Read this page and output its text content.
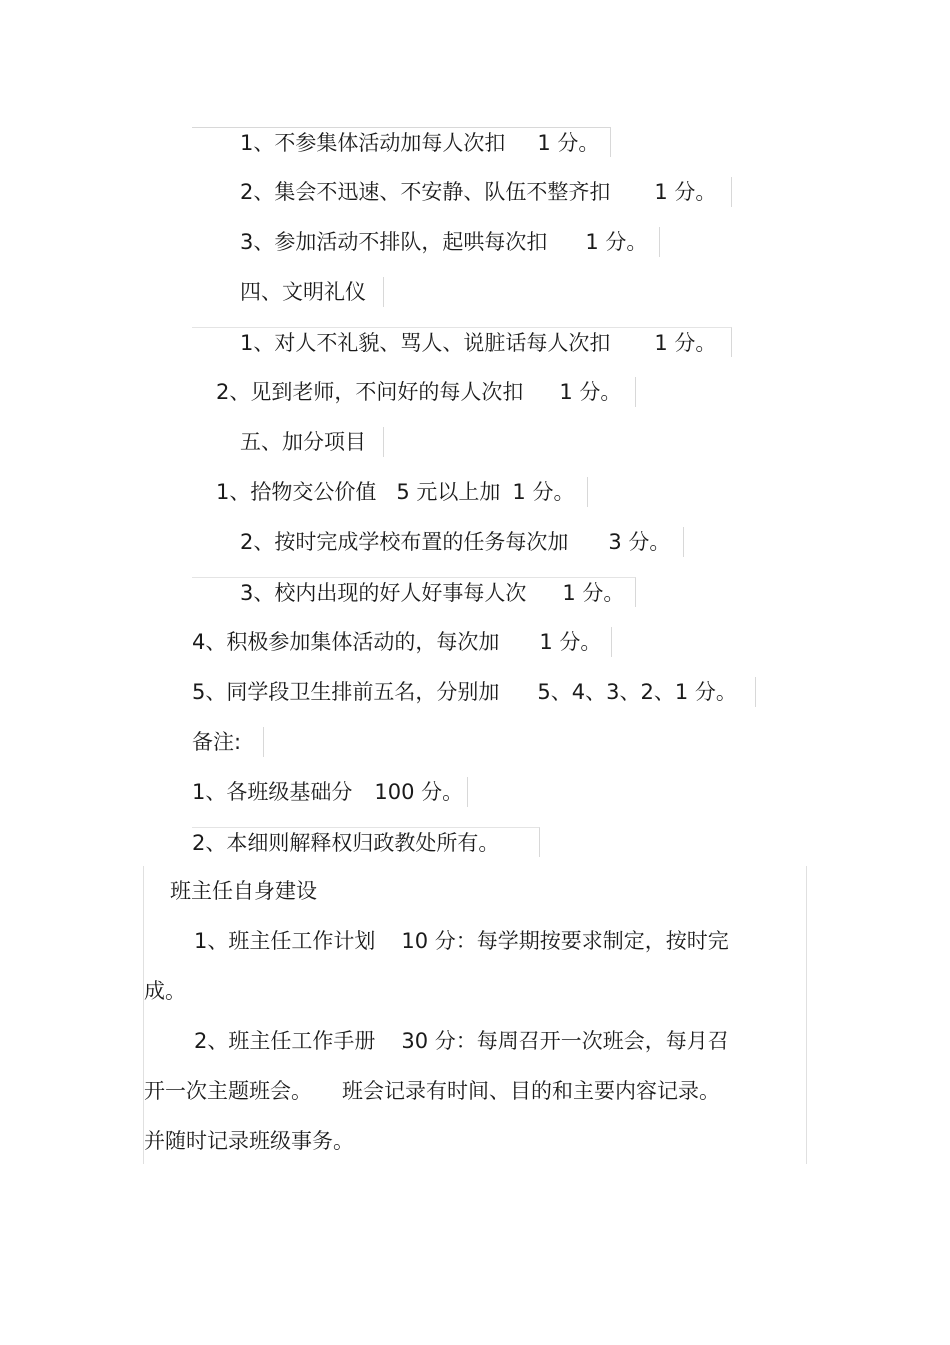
1、不参集体活动加每人次扣 1 分。
2、集会不迅速、不安静、队伍不整齐扣 1 分。
3、参加活动不排队，起哄每次扣 1 分。
四、文明礼仪
1、对人不礼貌、骂人、说脏话每人次扣 1 分。
2、见到老师，不问好的每人次扣 1 分。
五、加分项目
1、拾物交公价值 5 元以上加 1 分。
2、按时完成学校布置的任务每次加 3 分。
3、校内出现的好人好事每人次 1 分。
4、积极参加集体活动的，每次加 1 分。
5、同学段卫生排前五名，分别加 5、4、3、2、1 分。
备注:
1、各班级基础分 100 分。
2、本细则解释权归政教处所有。
班主任自身建设
1、班主任工作计划 10 分：每学期按要求制定，按时完
成。
2、班主任工作手册 30 分：每周召开一次班会，每月召
开一次主题班会。 班会记录有时间、目的和主要内容记录。
并随时记录班级事务。
